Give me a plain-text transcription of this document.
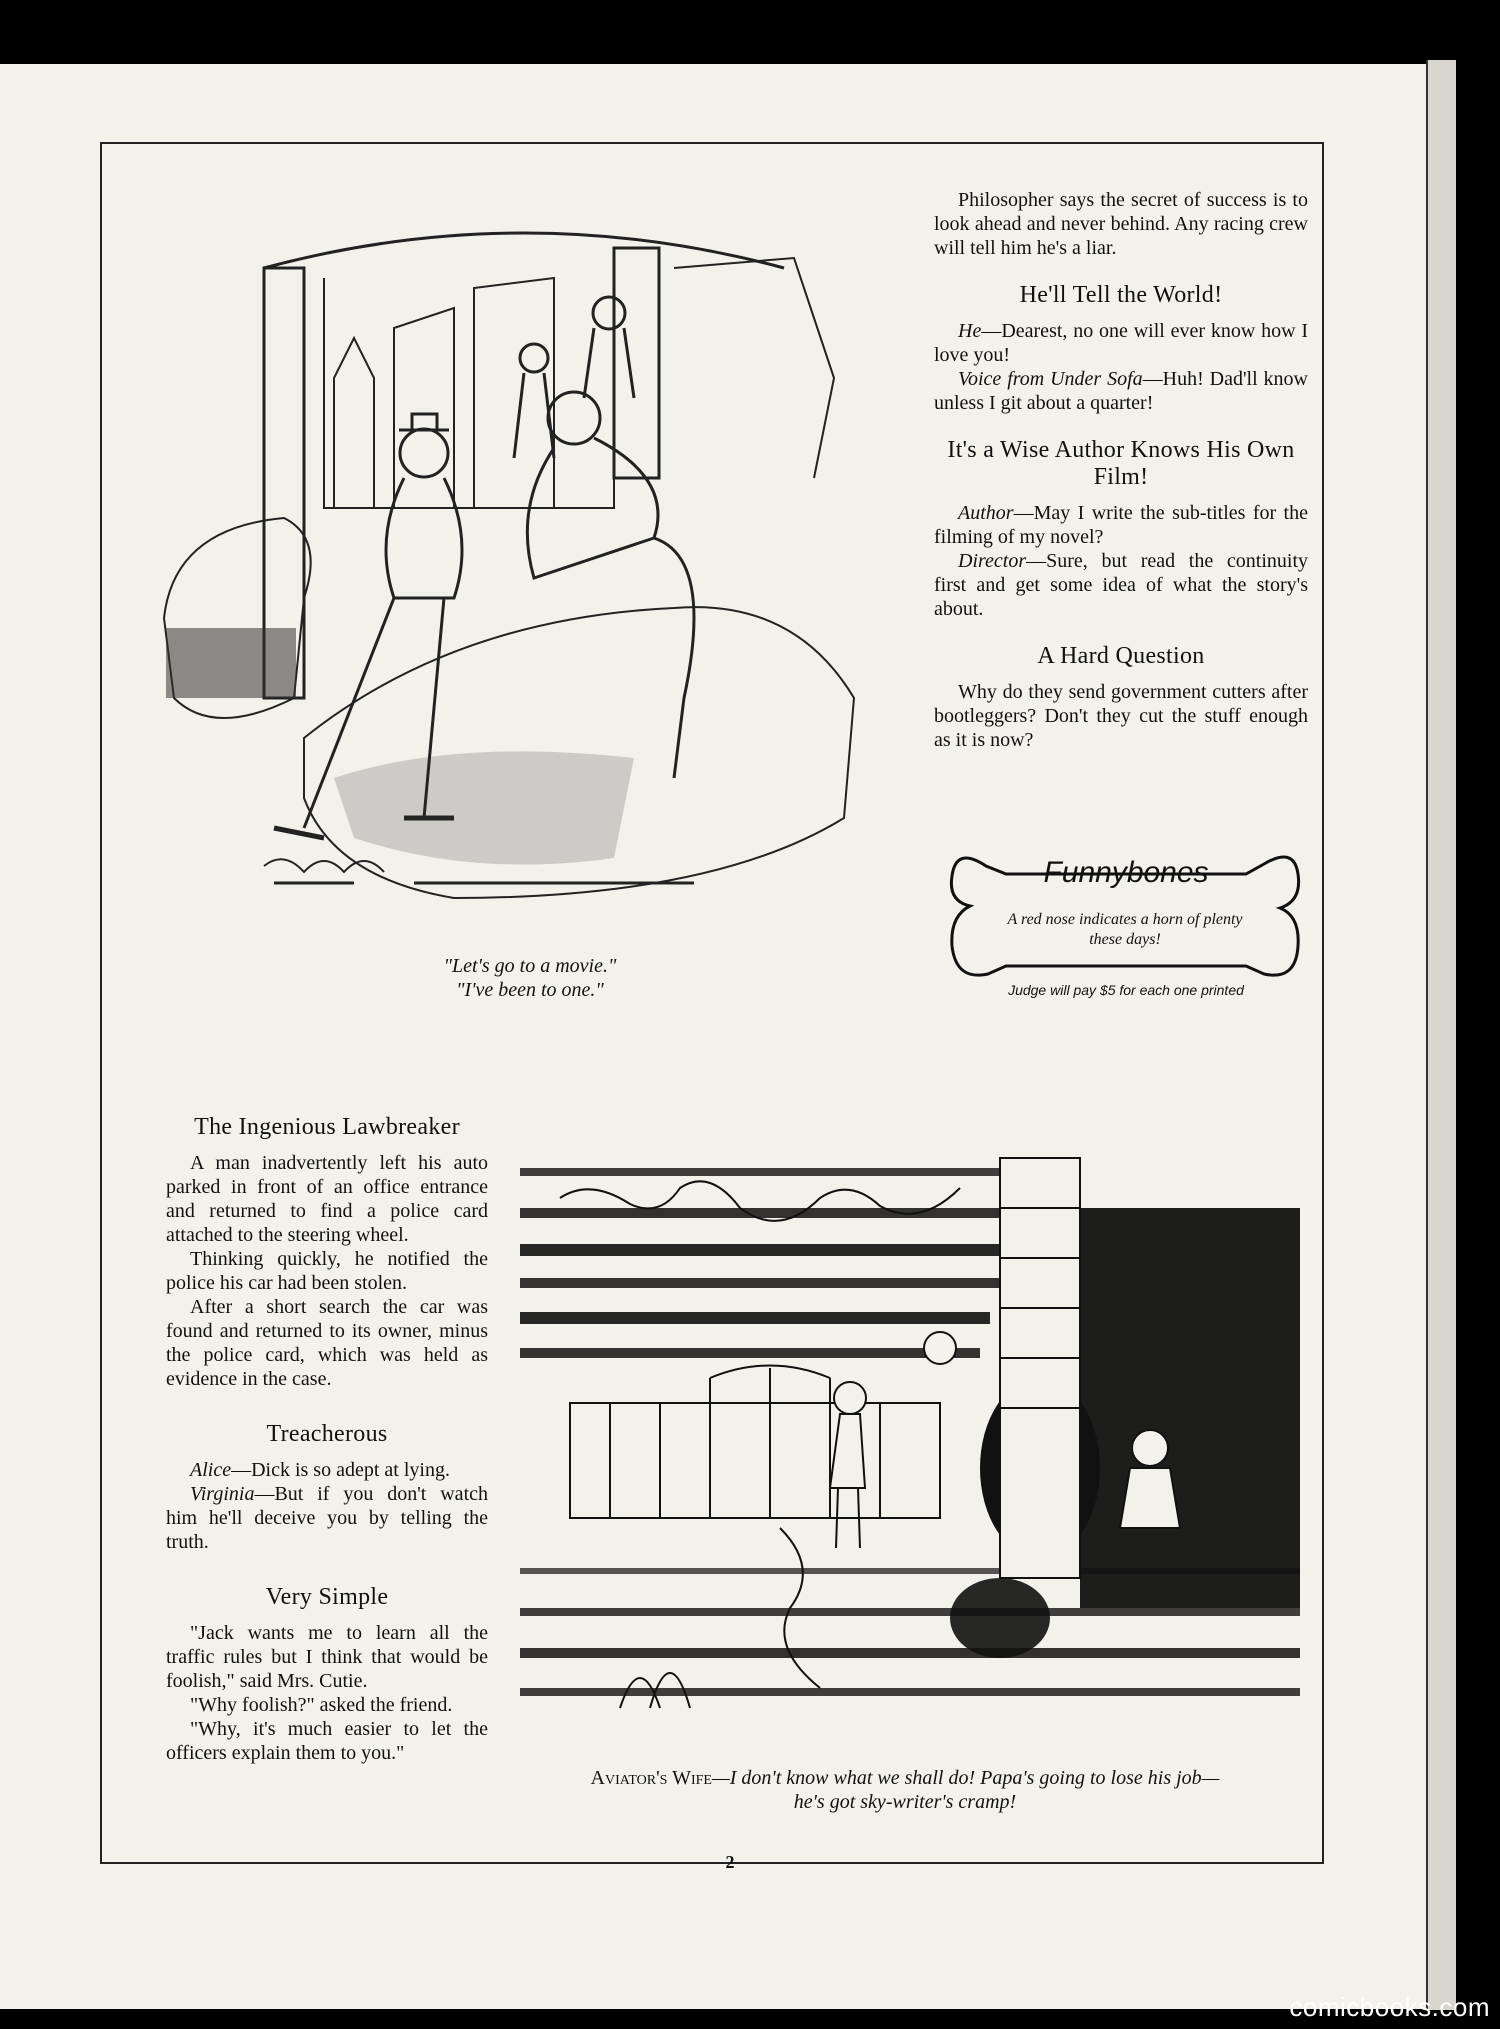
"Let's go to a movie."
"I've been to one."

Philosopher says the secret of success is to look ahead and never behind. Any racing crew will tell him he's a liar.

He'll Tell the World!

He—Dearest, no one will ever know how I love you!

Voice from Under Sofa—Huh! Dad'll know unless I git about a quarter!

It's a Wise Author Knows His Own Film!

Author—May I write the sub-titles for the filming of my novel?

Director—Sure, but read the continuity first and get some idea of what the story's about.

A Hard Question

Why do they send government cutters after bootleggers? Don't they cut the stuff enough as it is now?

Funnybones
A red nose indicates a horn of plenty these days!
Judge will pay $5 for each one printed
The Ingenious Lawbreaker

A man inadvertently left his auto parked in front of an office entrance and returned to find a police card attached to the steering wheel.

Thinking quickly, he notified the police his car had been stolen.

After a short search the car was found and returned to its owner, minus the police card, which was held as evidence in the case.

Treacherous

Alice—Dick is so adept at lying.

Virginia—But if you don't watch him he'll deceive you by telling the truth.

Very Simple

"Jack wants me to learn all the traffic rules but I think that would be foolish," said Mrs. Cutie.

"Why foolish?" asked the friend.

"Why, it's much easier to let the officers explain them to you."

Aviator's Wife—I don't know what we shall do! Papa's going to lose his job—
he's got sky-writer's cramp!
2
comicbooks.com
